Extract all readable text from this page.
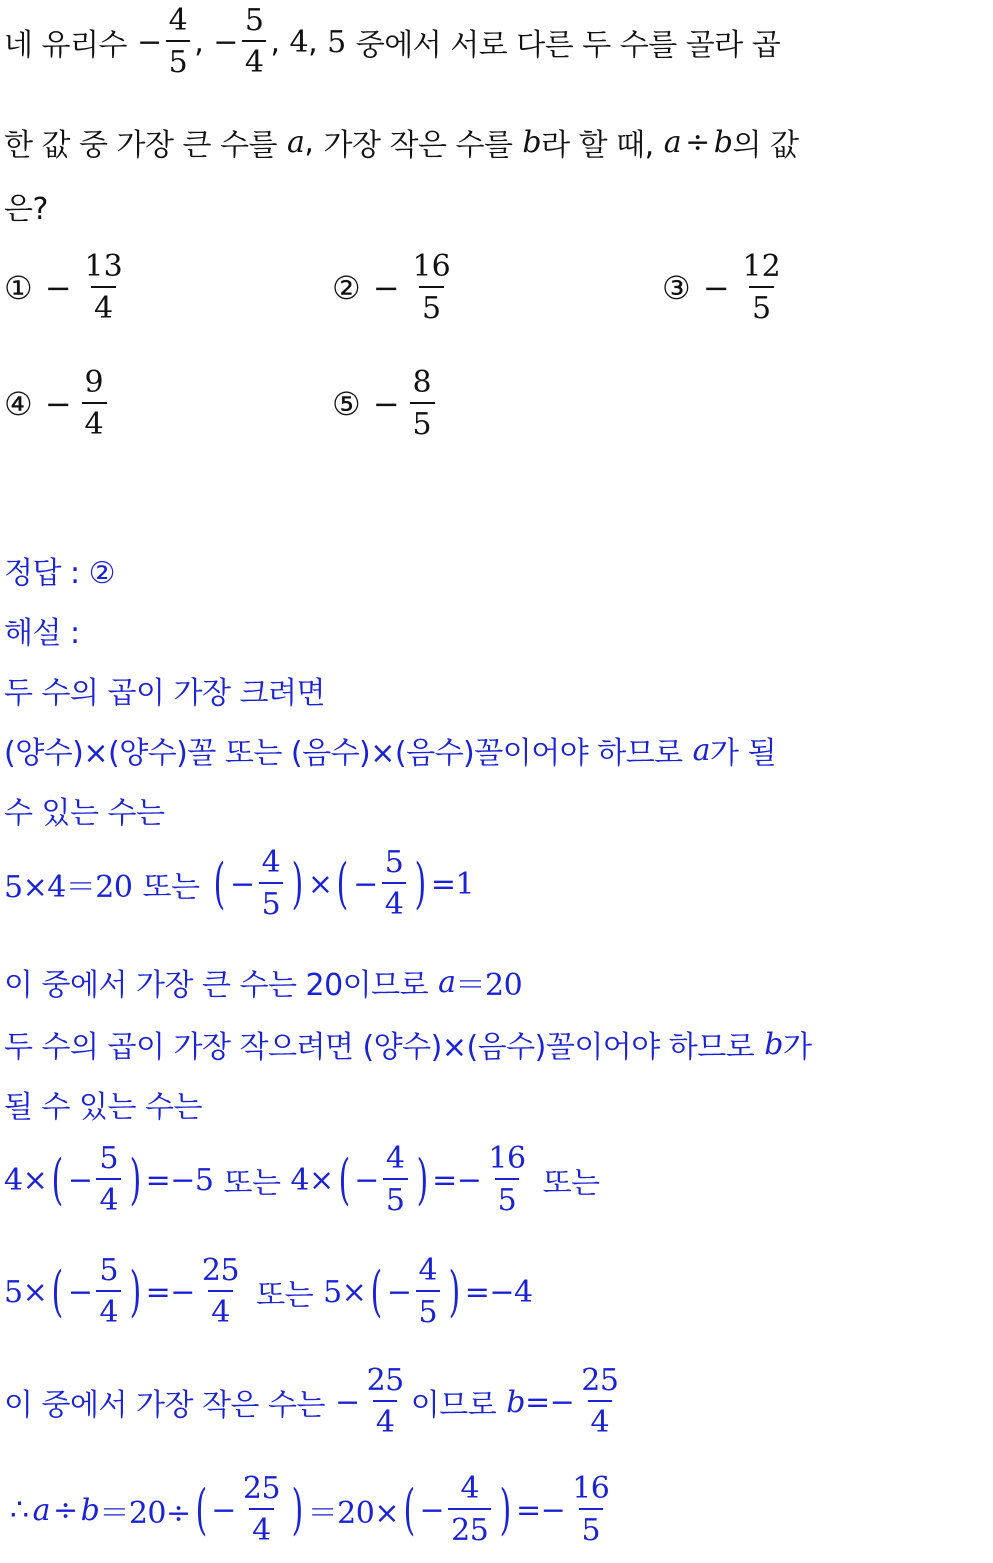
네 유리수 − $\frac{4}{5}$ , − $\frac{5}{4}$ , 4 , 5 중에서 서로 다른 두 수를 골라 곱
한 값 중 가장 큰 수를 a , 가장 작은 수를 b 라 할 때, a ÷ b 의 값
은?
① − $\frac{13}{4}$	② − $\frac{16}{5}$	③ − $\frac{12}{5}$
④ − $\frac{9}{4}$	⑤ − $\frac{8}{5}$
정답 : ②
해설 :
두 수의 곱이 가장 크려면
(양수)×(양수)꼴 또는 (음수)×(음수)꼴이어야 하므로 a 가 될
수 있는 수는
5×4＝20 또는 ( − $\frac{4}{5}$ ) × ( − $\frac{5}{4}$ ) =1
이 중에서 가장 큰 수는 20이므로 a ＝20
두 수의 곱이 가장 작으려면 (양수)×(음수)꼴이어야 하므로 b 가
될 수 있는 수는
4× ( − $\frac{5}{4}$ ) =−5 또는 4× ( − $\frac{4}{5}$ ) =− $\frac{16}{5}$ 또는
5× ( − $\frac{5}{4}$ ) =− $\frac{25}{4}$ 또는 5× ( − $\frac{4}{5}$ ) =−4
이 중에서 가장 작은 수는 − $\frac{25}{4}$ 이므로 $b =- \frac{25}{4}$
∴ a ÷ b ＝20÷ ( − $\frac{25}{4}$ ) ＝20× ( − $\frac{4}{25}$ ) =− $\frac{16}{5}$
